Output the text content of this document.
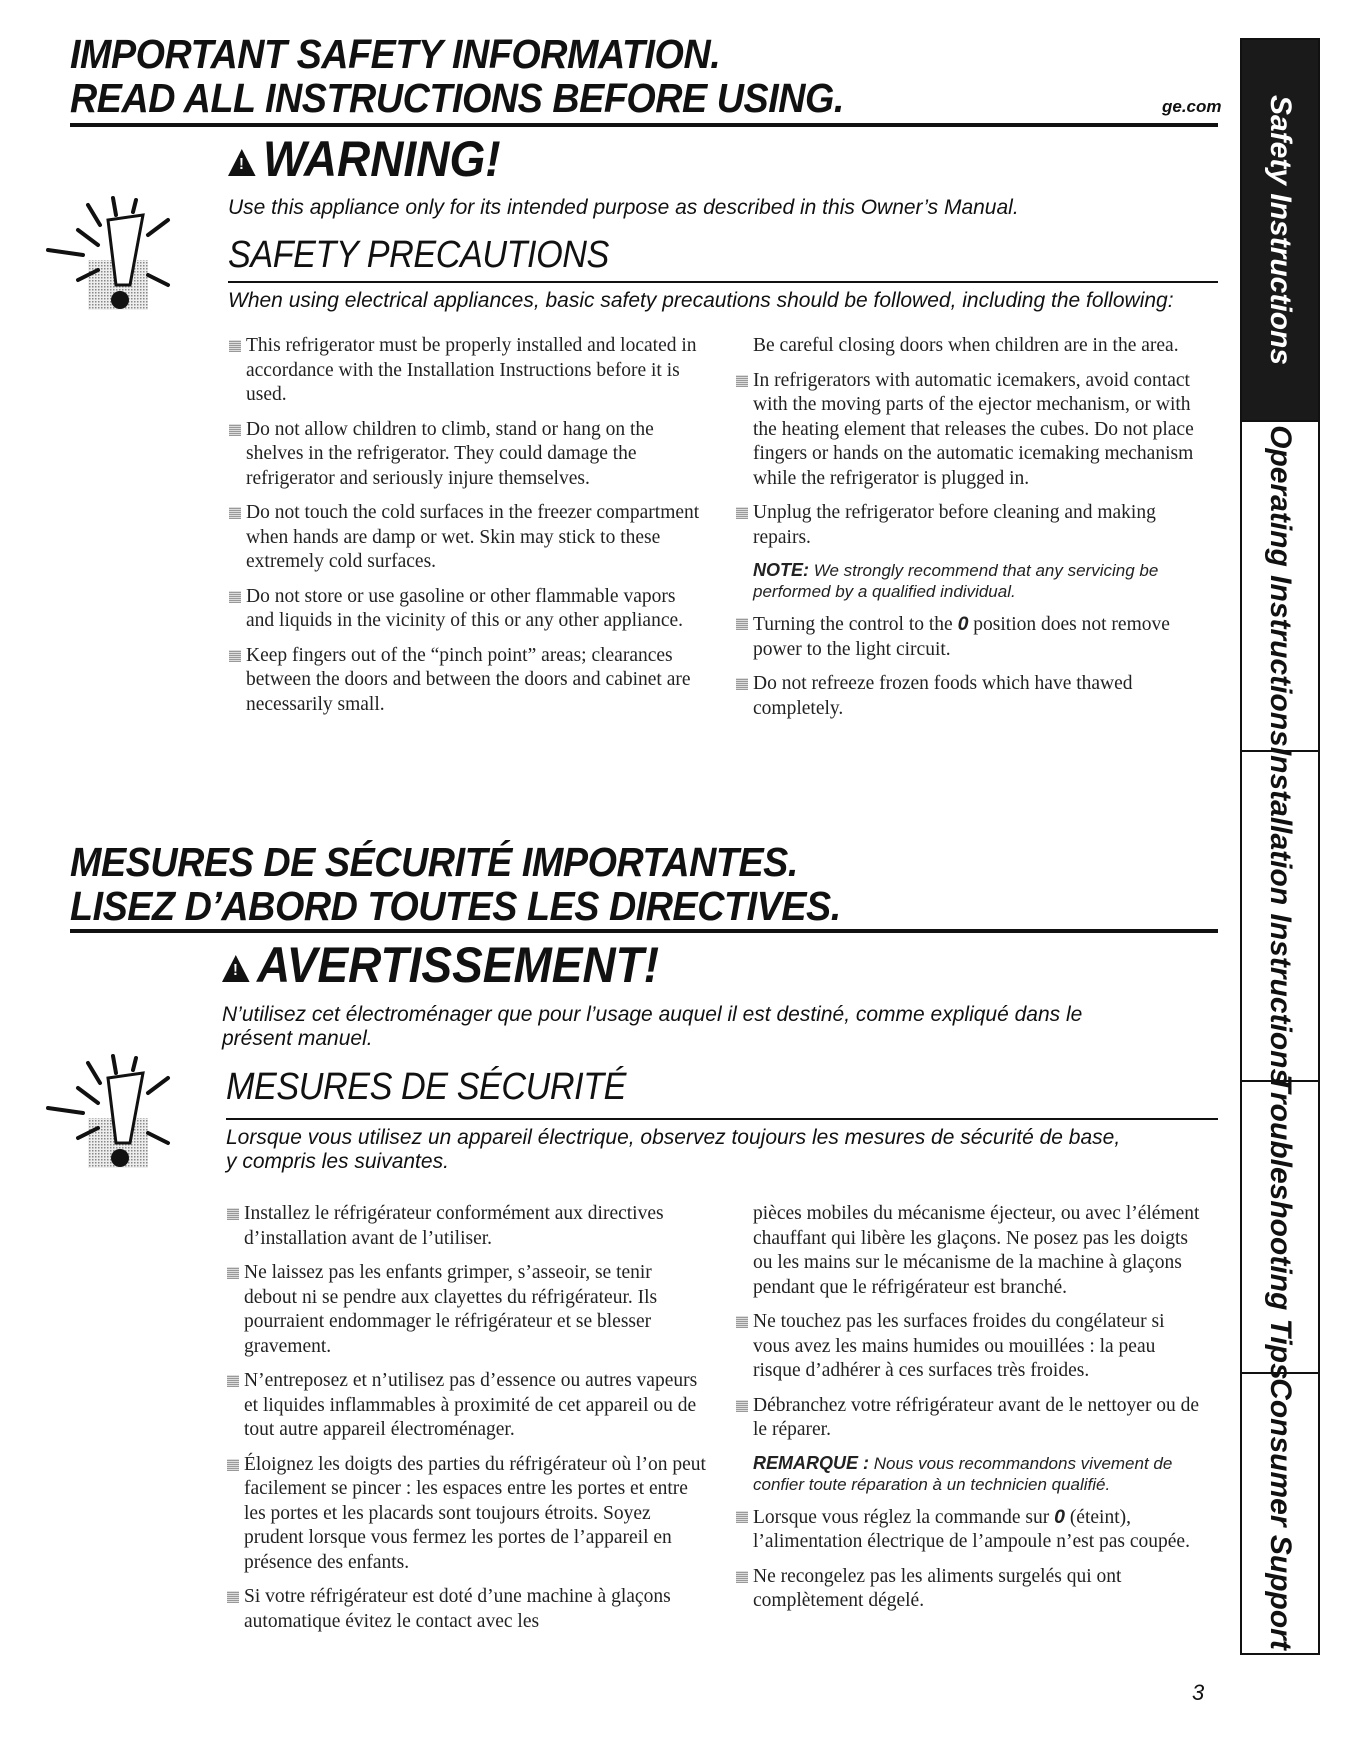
IMPORTANT SAFETY INFORMATION.
READ ALL INSTRUCTIONS BEFORE USING.	ge.com
!WARNING!
Use this appliance only for its intended purpose as described in this Owner’s Manual.
SAFETY PRECAUTIONS
When using electrical appliances, basic safety precautions should be followed, including the following:
This refrigerator must be properly installed and located in accordance with the Installation Instructions before it is used.
Do not allow children to climb, stand or hang on the shelves in the refrigerator. They could damage the refrigerator and seriously injure themselves.
Do not touch the cold surfaces in the freezer compartment when hands are damp or wet. Skin may stick to these extremely cold surfaces.
Do not store or use gasoline or other flammable vapors and liquids in the vicinity of this or any other appliance.
Keep fingers out of the “pinch point” areas; clearances between the doors and between the doors and cabinet are necessarily small.
Be careful closing doors when children are in the area.
In refrigerators with automatic icemakers, avoid contact with the moving parts of the ejector mechanism, or with the heating element that releases the cubes. Do not place fingers or hands on the automatic icemaking mechanism while the refrigerator is plugged in.
Unplug the refrigerator before cleaning and making repairs.
NOTE: We strongly recommend that any servicing be performed by a qualified individual.
Turning the control to the 0 position does not remove power to the light circuit.
Do not refreeze frozen foods which have thawed completely.
MESURES DE SÉCURITÉ IMPORTANTES.
LISEZ D’ABORD TOUTES LES DIRECTIVES.
!AVERTISSEMENT!
N’utilisez cet électroménager que pour l’usage auquel il est destiné, comme expliqué dans le
présent manuel.
MESURES DE SÉCURITÉ
Lorsque vous utilisez un appareil électrique, observez toujours les mesures de sécurité de base,
y compris les suivantes.
Installez le réfrigérateur conformément aux directives d’installation avant de l’utiliser.
Ne laissez pas les enfants grimper, s’asseoir, se tenir debout ni se pendre aux clayettes du réfrigérateur. Ils pourraient endommager le réfrigérateur et se blesser gravement.
N’entreposez et n’utilisez pas d’essence ou autres vapeurs et liquides inflammables à proximité de cet appareil ou de tout autre appareil électroménager.
Éloignez les doigts des parties du réfrigérateur où l’on peut facilement se pincer : les espaces entre les portes et entre les portes et les placards sont toujours étroits. Soyez prudent lorsque vous fermez les portes de l’appareil en présence des enfants.
Si votre réfrigérateur est doté d’une machine à glaçons automatique évitez le contact avec les
pièces mobiles du mécanisme éjecteur, ou avec l’élément chauffant qui libère les glaçons. Ne posez pas les doigts ou les mains sur le mécanisme de la machine à glaçons pendant que le réfrigérateur est branché.
Ne touchez pas les surfaces froides du congélateur si vous avez les mains humides ou mouillées : la peau risque d’adhérer à ces surfaces très froides.
Débranchez votre réfrigérateur avant de le nettoyer ou de le réparer.
REMARQUE : Nous vous recommandons vivement de confier toute réparation à un technicien qualifié.
Lorsque vous réglez la commande sur 0 (éteint), l’alimentation électrique de l’ampoule n’est pas coupée.
Ne recongelez pas les aliments surgelés qui ont complètement dégelé.
3
Safety Instructions
Operating Instructions
Installation Instructions
Troubleshooting Tips
Consumer Support
